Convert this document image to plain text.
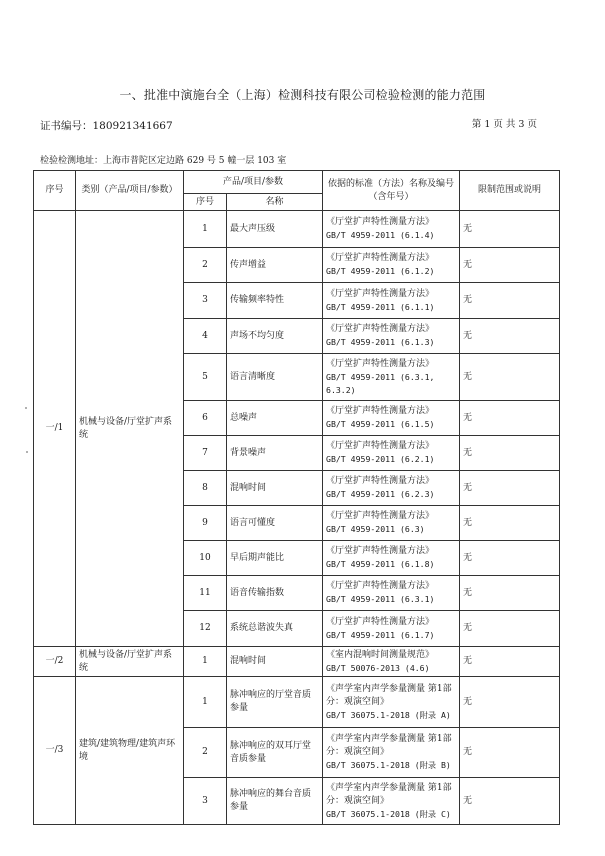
一、批准中演施台全（上海）检测科技有限公司检验检测的能力范围
证书编号：180921341667	第 1 页 共 3 页
检验检测地址：上海市普陀区定边路 629 号 5 幢一层 103 室
序号	类别（产品/项目/参数）	产品/项目/参数		依据的标准（方法）名称及编号（含年号）	限制范围或说明
		序号	名称		
一/1	机械与设备/厅堂扩声系统	1	最大声压级	《厅堂扩声特性测量方法》
GB/T 4959-2011 (6.1.4)	无
		2	传声增益	《厅堂扩声特性测量方法》
GB/T 4959-2011 (6.1.2)	无
		3	传输频率特性	《厅堂扩声特性测量方法》
GB/T 4959-2011 (6.1.1)	无
		4	声场不均匀度	《厅堂扩声特性测量方法》
GB/T 4959-2011 (6.1.3)	无
		5	语言清晰度	《厅堂扩声特性测量方法》
GB/T 4959-2011 (6.3.1,
6.3.2)	无
		6	总噪声	《厅堂扩声特性测量方法》
GB/T 4959-2011 (6.1.5)	无
		7	背景噪声	《厅堂扩声特性测量方法》
GB/T 4959-2011 (6.2.1)	无
		8	混响时间	《厅堂扩声特性测量方法》
GB/T 4959-2011 (6.2.3)	无
		9	语言可懂度	《厅堂扩声特性测量方法》
GB/T 4959-2011 (6.3)	无
		10	早后期声能比	《厅堂扩声特性测量方法》
GB/T 4959-2011 (6.1.8)	无
		11	语音传输指数	《厅堂扩声特性测量方法》
GB/T 4959-2011 (6.3.1)	无
		12	系统总谐波失真	《厅堂扩声特性测量方法》
GB/T 4959-2011 (6.1.7)	无
一/2	机械与设备/厅堂扩声系统	1	混响时间	《室内混响时间测量规范》
GB/T 50076-2013 (4.6)	无
一/3	建筑/建筑物理/建筑声环境	1	脉冲响应的厅堂音质参量	《声学室内声学参量测量 第1部分：观演空间》
GB/T 36075.1-2018 (附录 A)	无
		2	脉冲响应的双耳厅堂音质参量	《声学室内声学参量测量 第1部分：观演空间》
GB/T 36075.1-2018 (附录 B)	无
		3	脉冲响应的舞台音质参量	《声学室内声学参量测量 第1部分：观演空间》
GB/T 36075.1-2018 (附录 C)	无
